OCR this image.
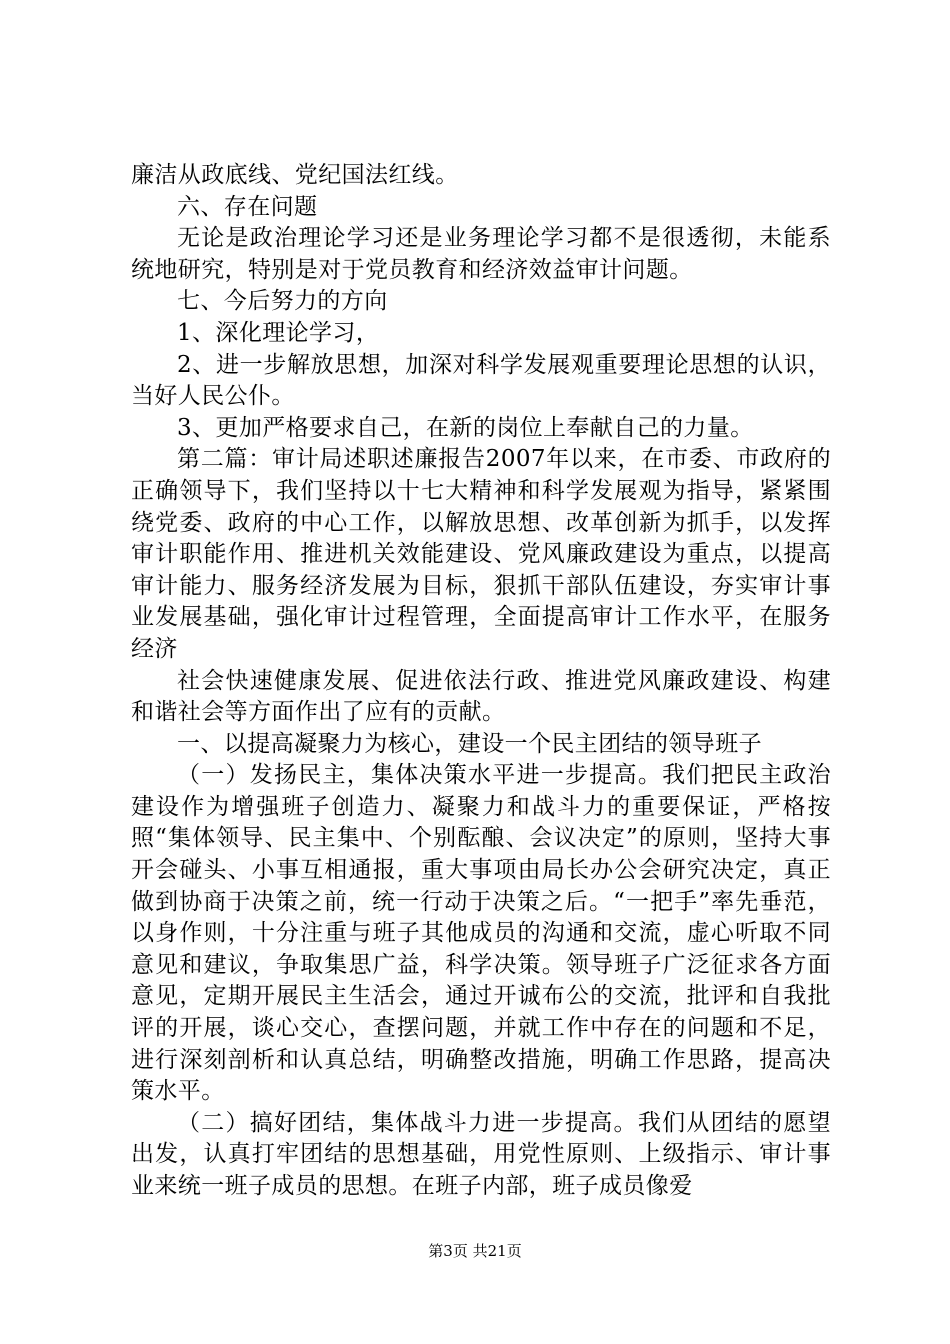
廉洁从政底线、党纪国法红线。

六、存在问题

无论是政治理论学习还是业务理论学习都不是很透彻，未能系统地研究，特别是对于党员教育和经济效益审计问题。

七、今后努力的方向

1、深化理论学习，

2、进一步解放思想，加深对科学发展观重要理论思想的认识，当好人民公仆。

3、更加严格要求自己，在新的岗位上奉献自己的力量。

第二篇：审计局述职述廉报告2007年以来，在市委、市政府的正确领导下，我们坚持以十七大精神和科学发展观为指导，紧紧围绕党委、政府的中心工作，以解放思想、改革创新为抓手，以发挥审计职能作用、推进机关效能建设、党风廉政建设为重点，以提高审计能力、服务经济发展为目标，狠抓干部队伍建设，夯实审计事业发展基础，强化审计过程管理，全面提高审计工作水平，在服务经济

社会快速健康发展、促进依法行政、推进党风廉政建设、构建和谐社会等方面作出了应有的贡献。

一、以提高凝聚力为核心，建设一个民主团结的领导班子

（一）发扬民主，集体决策水平进一步提高。我们把民主政治建设作为增强班子创造力、凝聚力和战斗力的重要保证，严格按照“集体领导、民主集中、个别酝酿、会议决定”的原则，坚持大事开会碰头、小事互相通报，重大事项由局长办公会研究决定，真正做到协商于决策之前，统一行动于决策之后。“一把手”率先垂范，以身作则，十分注重与班子其他成员的沟通和交流，虚心听取不同意见和建议，争取集思广益，科学决策。领导班子广泛征求各方面意见，定期开展民主生活会，通过开诚布公的交流，批评和自我批评的开展，谈心交心，查摆问题，并就工作中存在的问题和不足，进行深刻剖析和认真总结，明确整改措施，明确工作思路，提高决策水平。

（二）搞好团结，集体战斗力进一步提高。我们从团结的愿望出发，认真打牢团结的思想基础，用党性原则、上级指示、审计事业来统一班子成员的思想。在班子内部，班子成员像爱

第3页 共21页
